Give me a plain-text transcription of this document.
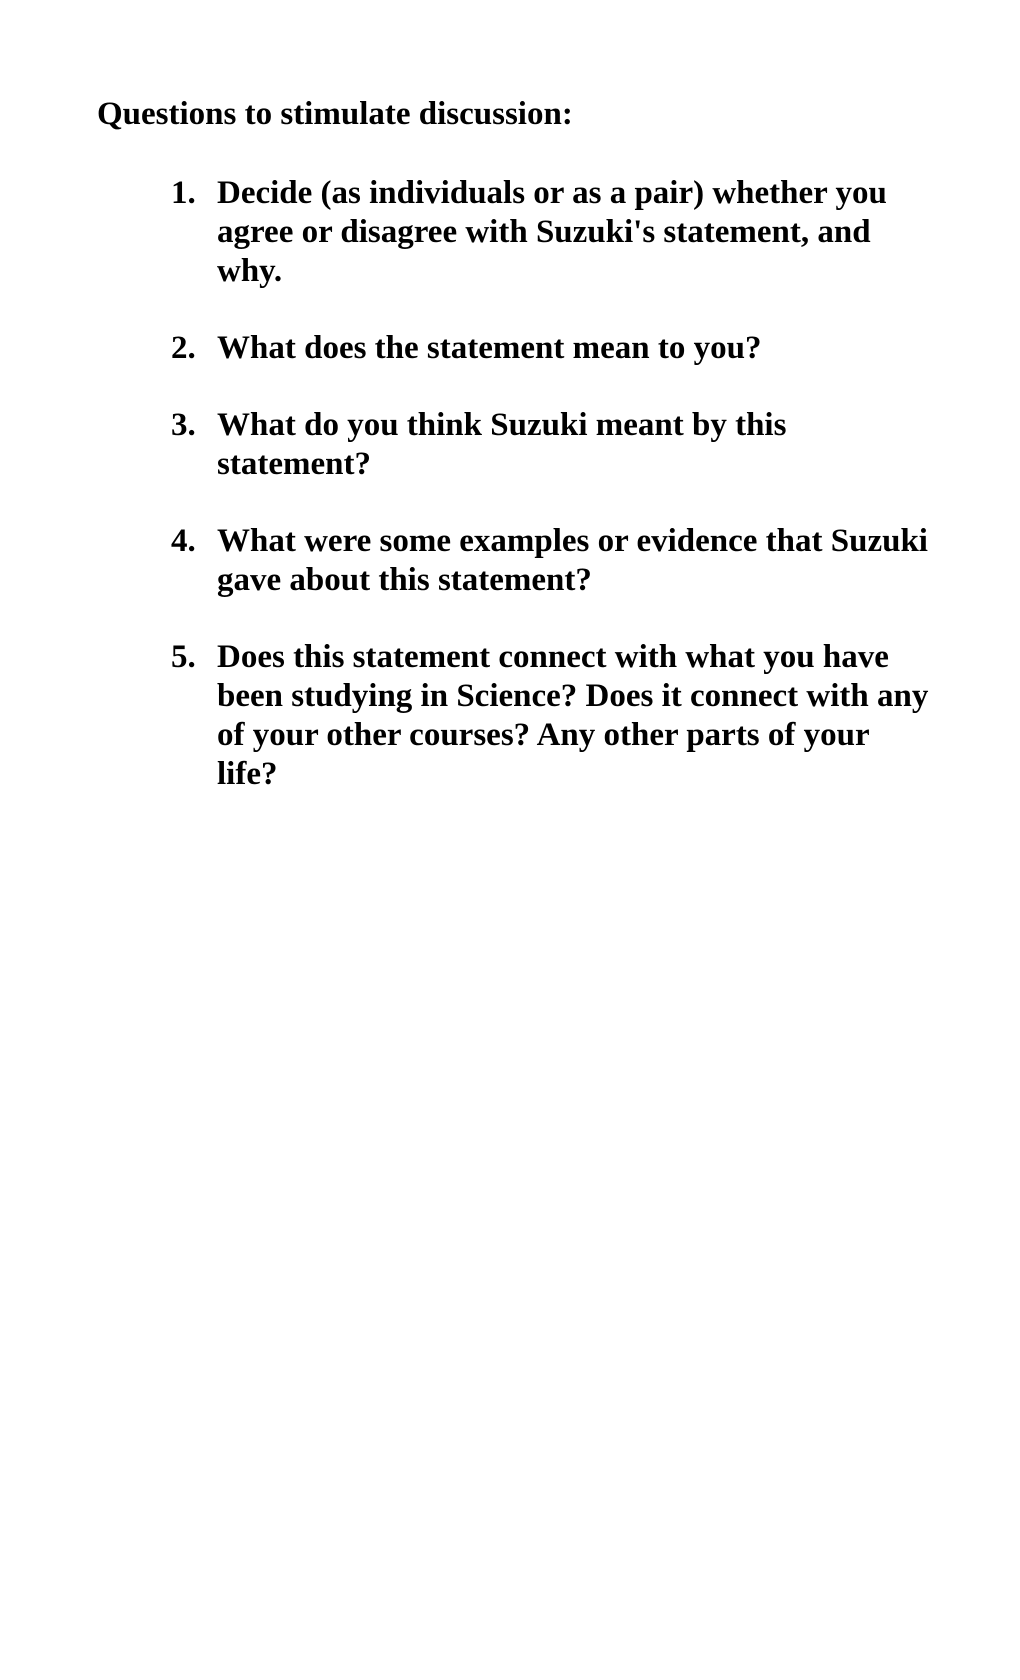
Questions to stimulate discussion:
1. Decide (as individuals or as a pair) whether you agree or disagree with Suzuki's statement, and why.
2. What does the statement mean to you?
3. What do you think Suzuki meant by this statement?
4. What were some examples or evidence that Suzuki gave about this statement?
5. Does this statement connect with what you have been studying in Science? Does it connect with any of your other courses? Any other parts of your life?
